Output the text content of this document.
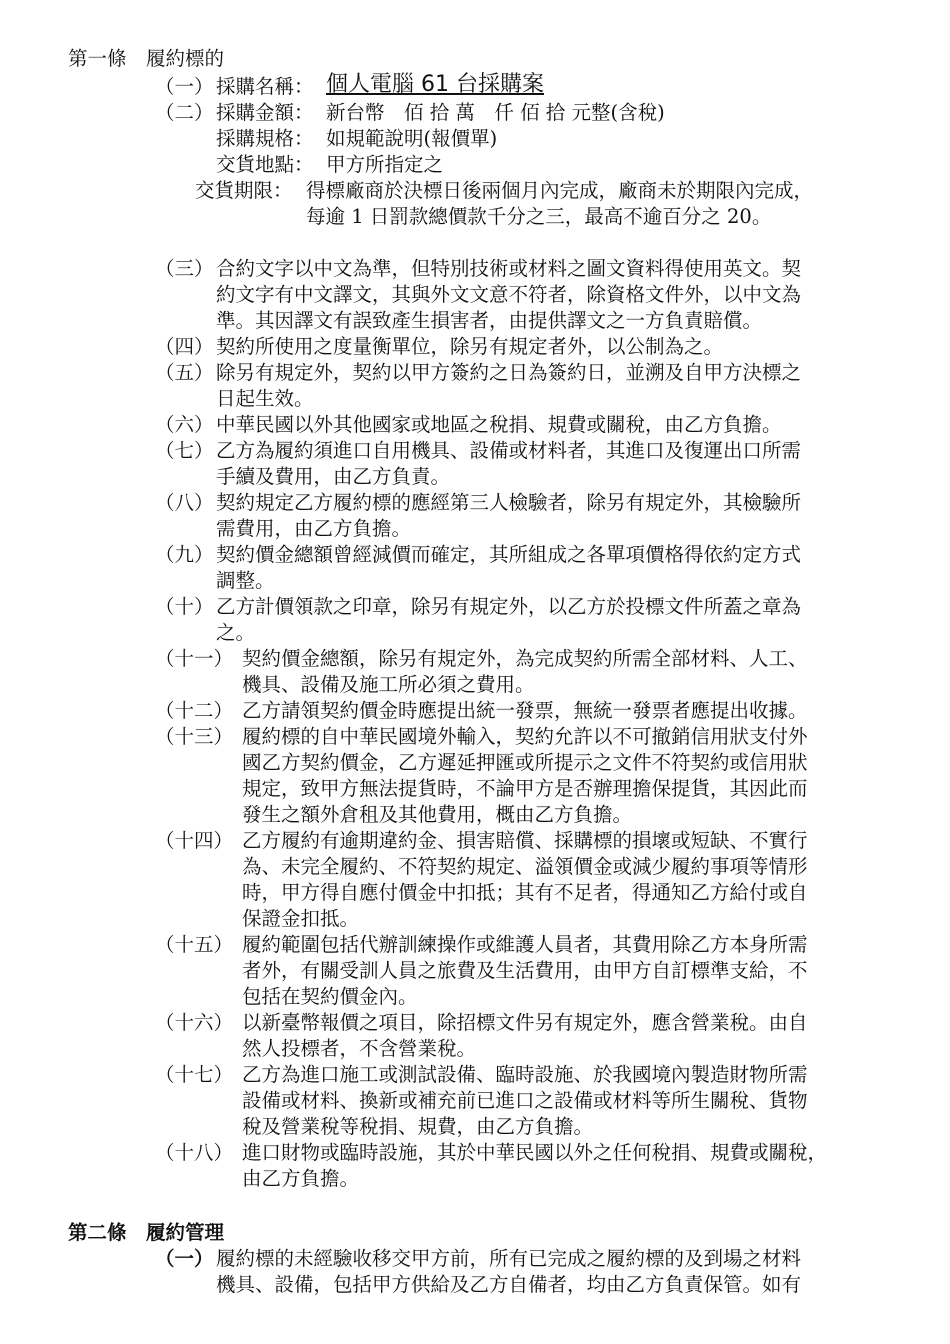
第一條　履約標的
（一） 採購名稱： 個人電腦 61 台採購案
（二） 採購金額： 新台幣　佰 拾 萬　仟 佰 拾 元整(含稅)
採購規格： 如規範說明(報價單)
交貨地點： 甲方所指定之
交貨期限： 得標廠商於決標日後兩個月內完成，廠商未於期限內完成，
每逾 1 日罰款總價款千分之三，最高不逾百分之 20。
（三） 合約文字以中文為準，但特別技術或材料之圖文資料得使用英文。契
約文字有中文譯文，其與外文文意不符者，除資格文件外，以中文為
準。其因譯文有誤致產生損害者，由提供譯文之一方負責賠償。
（四） 契約所使用之度量衡單位，除另有規定者外，以公制為之。
（五） 除另有規定外，契約以甲方簽約之日為簽約日，並溯及自甲方決標之
日起生效。
（六） 中華民國以外其他國家或地區之稅捐、規費或關稅，由乙方負擔。
（七） 乙方為履約須進口自用機具、設備或材料者，其進口及復運出口所需
手續及費用，由乙方負責。
（八） 契約規定乙方履約標的應經第三人檢驗者，除另有規定外，其檢驗所
需費用，由乙方負擔。
（九） 契約價金總額曾經減價而確定，其所組成之各單項價格得依約定方式
調整。
（十） 乙方計價領款之印章，除另有規定外，以乙方於投標文件所蓋之章為
之。
（十一） 契約價金總額，除另有規定外，為完成契約所需全部材料、人工、
機具、設備及施工所必須之費用。
（十二） 乙方請領契約價金時應提出統一發票，無統一發票者應提出收據。
（十三） 履約標的自中華民國境外輸入，契約允許以不可撤銷信用狀支付外
國乙方契約價金，乙方遲延押匯或所提示之文件不符契約或信用狀
規定，致甲方無法提貨時，不論甲方是否辦理擔保提貨，其因此而
發生之額外倉租及其他費用，概由乙方負擔。
（十四） 乙方履約有逾期違約金、損害賠償、採購標的損壞或短缺、不實行
為、未完全履約、不符契約規定、溢領價金或減少履約事項等情形
時，甲方得自應付價金中扣抵；其有不足者，得通知乙方給付或自
保證金扣抵。
（十五） 履約範圍包括代辦訓練操作或維護人員者，其費用除乙方本身所需
者外，有關受訓人員之旅費及生活費用，由甲方自訂標準支給，不
包括在契約價金內。
（十六） 以新臺幣報價之項目，除招標文件另有規定外，應含營業稅。由自
然人投標者，不含營業稅。
（十七） 乙方為進口施工或測試設備、臨時設施、於我國境內製造財物所需
設備或材料、換新或補充前已進口之設備或材料等所生關稅、貨物
稅及營業稅等稅捐、規費，由乙方負擔。
（十八） 進口財物或臨時設施，其於中華民國以外之任何稅捐、規費或關稅，
由乙方負擔。
第二條　履約管理
（一） 履約標的未經驗收移交甲方前，所有已完成之履約標的及到場之材料
機具、設備，包括甲方供給及乙方自備者，均由乙方負責保管。如有
